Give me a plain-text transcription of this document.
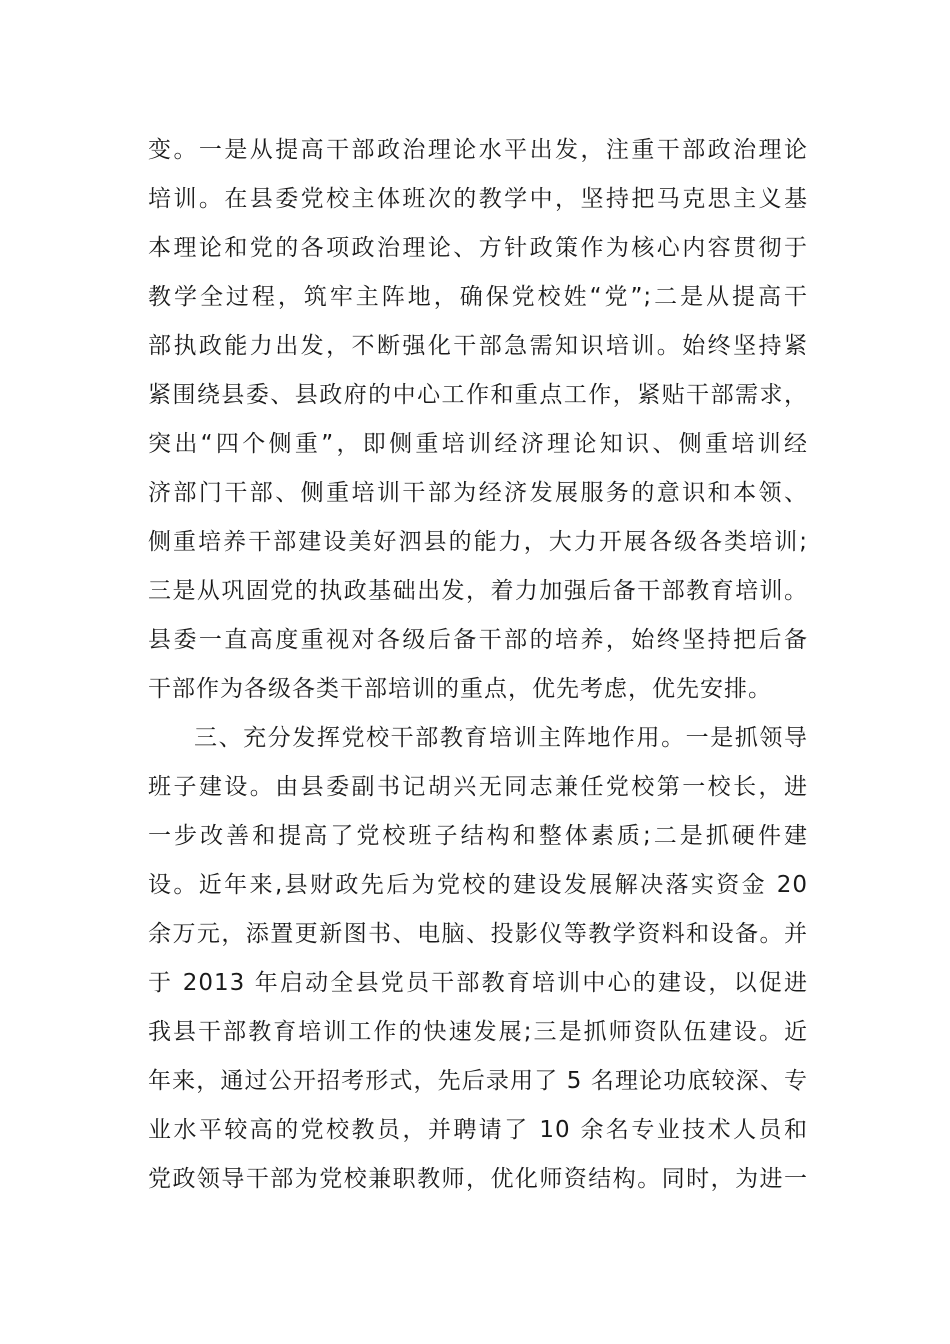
变。一是从提高干部政治理论水平出发，注重干部政治理论
培训。在县委党校主体班次的教学中，坚持把马克思主义基
本理论和党的各项政治理论、方针政策作为核心内容贯彻于
教学全过程，筑牢主阵地，确保党校姓“党”;二是从提高干
部执政能力出发，不断强化干部急需知识培训。始终坚持紧
紧围绕县委、县政府的中心工作和重点工作，紧贴干部需求，
突出“四个侧重”，即侧重培训经济理论知识、侧重培训经
济部门干部、侧重培训干部为经济发展服务的意识和本领、
侧重培养干部建设美好泗县的能力，大力开展各级各类培训;
三是从巩固党的执政基础出发，着力加强后备干部教育培训。
县委一直高度重视对各级后备干部的培养，始终坚持把后备
干部作为各级各类干部培训的重点，优先考虑，优先安排。
三、充分发挥党校干部教育培训主阵地作用。一是抓领导
班子建设。由县委副书记胡兴无同志兼任党校第一校长，进
一步改善和提高了党校班子结构和整体素质;二是抓硬件建
设。近年来,县财政先后为党校的建设发展解决落实资金 20
余万元，添置更新图书、电脑、投影仪等教学资料和设备。并
于 2013 年启动全县党员干部教育培训中心的建设，以促进
我县干部教育培训工作的快速发展;三是抓师资队伍建设。近
年来，通过公开招考形式，先后录用了 5 名理论功底较深、专
业水平较高的党校教员，并聘请了 10 余名专业技术人员和
党政领导干部为党校兼职教师，优化师资结构。同时，为进一
